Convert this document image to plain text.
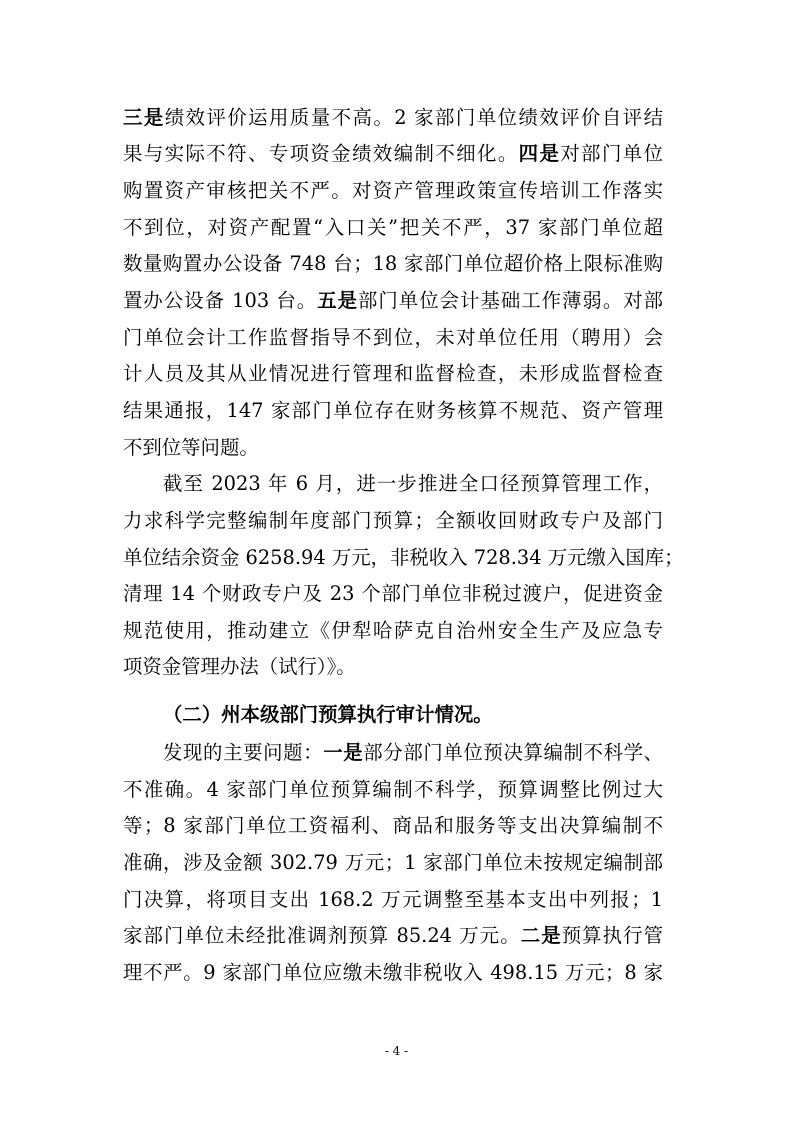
三是绩效评价运用质量不高。2 家部门单位绩效评价自评结
果与实际不符、专项资金绩效编制不细化。四是对部门单位
购置资产审核把关不严。对资产管理政策宣传培训工作落实
不到位，对资产配置“入口关”把关不严，37 家部门单位超
数量购置办公设备 748 台；18 家部门单位超价格上限标准购
置办公设备 103 台。五是部门单位会计基础工作薄弱。对部
门单位会计工作监督指导不到位，未对单位任用（聘用）会
计人员及其从业情况进行管理和监督检查，未形成监督检查
结果通报，147 家部门单位存在财务核算不规范、资产管理
不到位等问题。
截至 2023 年 6 月，进一步推进全口径预算管理工作，
力求科学完整编制年度部门预算；全额收回财政专户及部门
单位结余资金 6258.94 万元，非税收入 728.34 万元缴入国库；
清理 14 个财政专户及 23 个部门单位非税过渡户，促进资金
规范使用，推动建立《伊犁哈萨克自治州安全生产及应急专
项资金管理办法（试行）》。
（二）州本级部门预算执行审计情况。
发现的主要问题：一是部分部门单位预决算编制不科学、
不准确。4 家部门单位预算编制不科学，预算调整比例过大
等；8 家部门单位工资福利、商品和服务等支出决算编制不
准确，涉及金额 302.79 万元；1 家部门单位未按规定编制部
门决算，将项目支出 168.2 万元调整至基本支出中列报；1
家部门单位未经批准调剂预算 85.24 万元。二是预算执行管
理不严。9 家部门单位应缴未缴非税收入 498.15 万元；8 家
- 4 -
